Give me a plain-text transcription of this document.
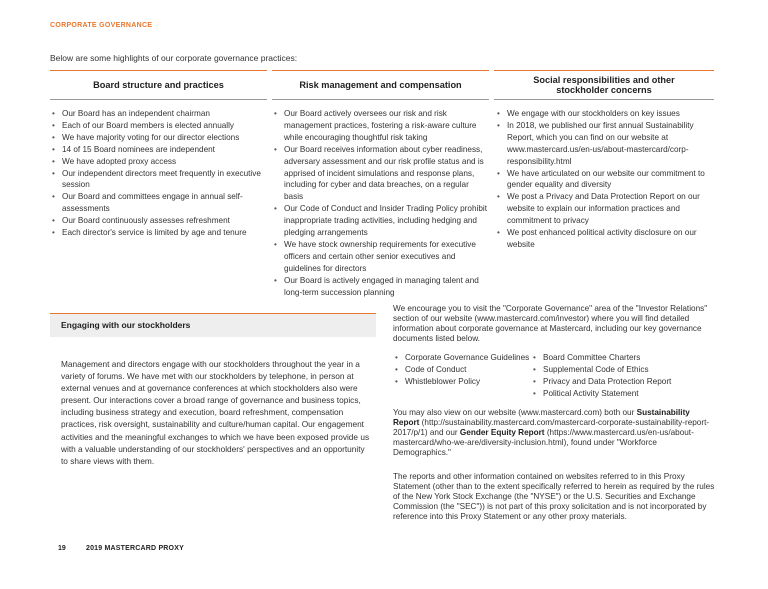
CORPORATE GOVERNANCE
Below are some highlights of our corporate governance practices:
Board structure and practices	Risk management and compensation	Social responsibilities and other stockholder concerns
• Our Board has an independent chairman
• Each of our Board members is elected annually
• We have majority voting for our director elections
• 14 of 15 Board nominees are independent
• We have adopted proxy access
• Our independent directors meet frequently in executive session
• Our Board and committees engage in annual self-assessments
• Our Board continuously assesses refreshment
• Each director's service is limited by age and tenure
• Our Board actively oversees our risk and risk management practices, fostering a risk-aware culture while encouraging thoughtful risk taking
• Our Board receives information about cyber readiness, adversary assessment and our risk profile status and is apprised of incident simulations and response plans, including for cyber and data breaches, on a regular basis
• Our Code of Conduct and Insider Trading Policy prohibit inappropriate trading activities, including hedging and pledging arrangements
• We have stock ownership requirements for executive officers and certain other senior executives and guidelines for directors
• Our Board is actively engaged in managing talent and long-term succession planning
• We engage with our stockholders on key issues
• In 2018, we published our first annual Sustainability Report, which you can find on our website at www.mastercard.us/en-us/about-mastercard/corp-responsibility.html
• We have articulated on our website our commitment to gender equality and diversity
• We post a Privacy and Data Protection Report on our website to explain our information practices and commitment to privacy
• We post enhanced political activity disclosure on our website
Engaging with our stockholders
Management and directors engage with our stockholders throughout the year in a variety of forums. We have met with our stockholders by telephone, in person at external venues and at governance conferences at which stockholders also were present. Our interactions cover a broad range of governance and business topics, including business strategy and execution, board refreshment, compensation practices, risk oversight, sustainability and culture/human capital. Our engagement activities and the meaningful exchanges to which we have been exposed provide us with a valuable understanding of our stockholders' perspectives and an opportunity to share views with them.
We encourage you to visit the "Corporate Governance" area of the "Investor Relations" section of our website (www.mastercard.com/investor) where you will find detailed information about corporate governance at Mastercard, including our key governance documents listed below.
• Corporate Governance Guidelines
• Code of Conduct
• Whistleblower Policy
• Board Committee Charters
• Supplemental Code of Ethics
• Privacy and Data Protection Report
• Political Activity Statement
You may also view on our website (www.mastercard.com) both our Sustainability Report (http://sustainability.mastercard.com/mastercard-corporate-sustainability-report-2017/p/1) and our Gender Equity Report (https://www.mastercard.us/en-us/about-mastercard/who-we-are/diversity-inclusion.html), found under "Workforce Demographics."
The reports and other information contained on websites referred to in this Proxy Statement (other than to the extent specifically referred to herein as required by the rules of the New York Stock Exchange (the "NYSE") or the U.S. Securities and Exchange Commission (the "SEC")) is not part of this proxy solicitation and is not incorporated by reference into this Proxy Statement or any other proxy materials.
19	2019 MASTERCARD PROXY
